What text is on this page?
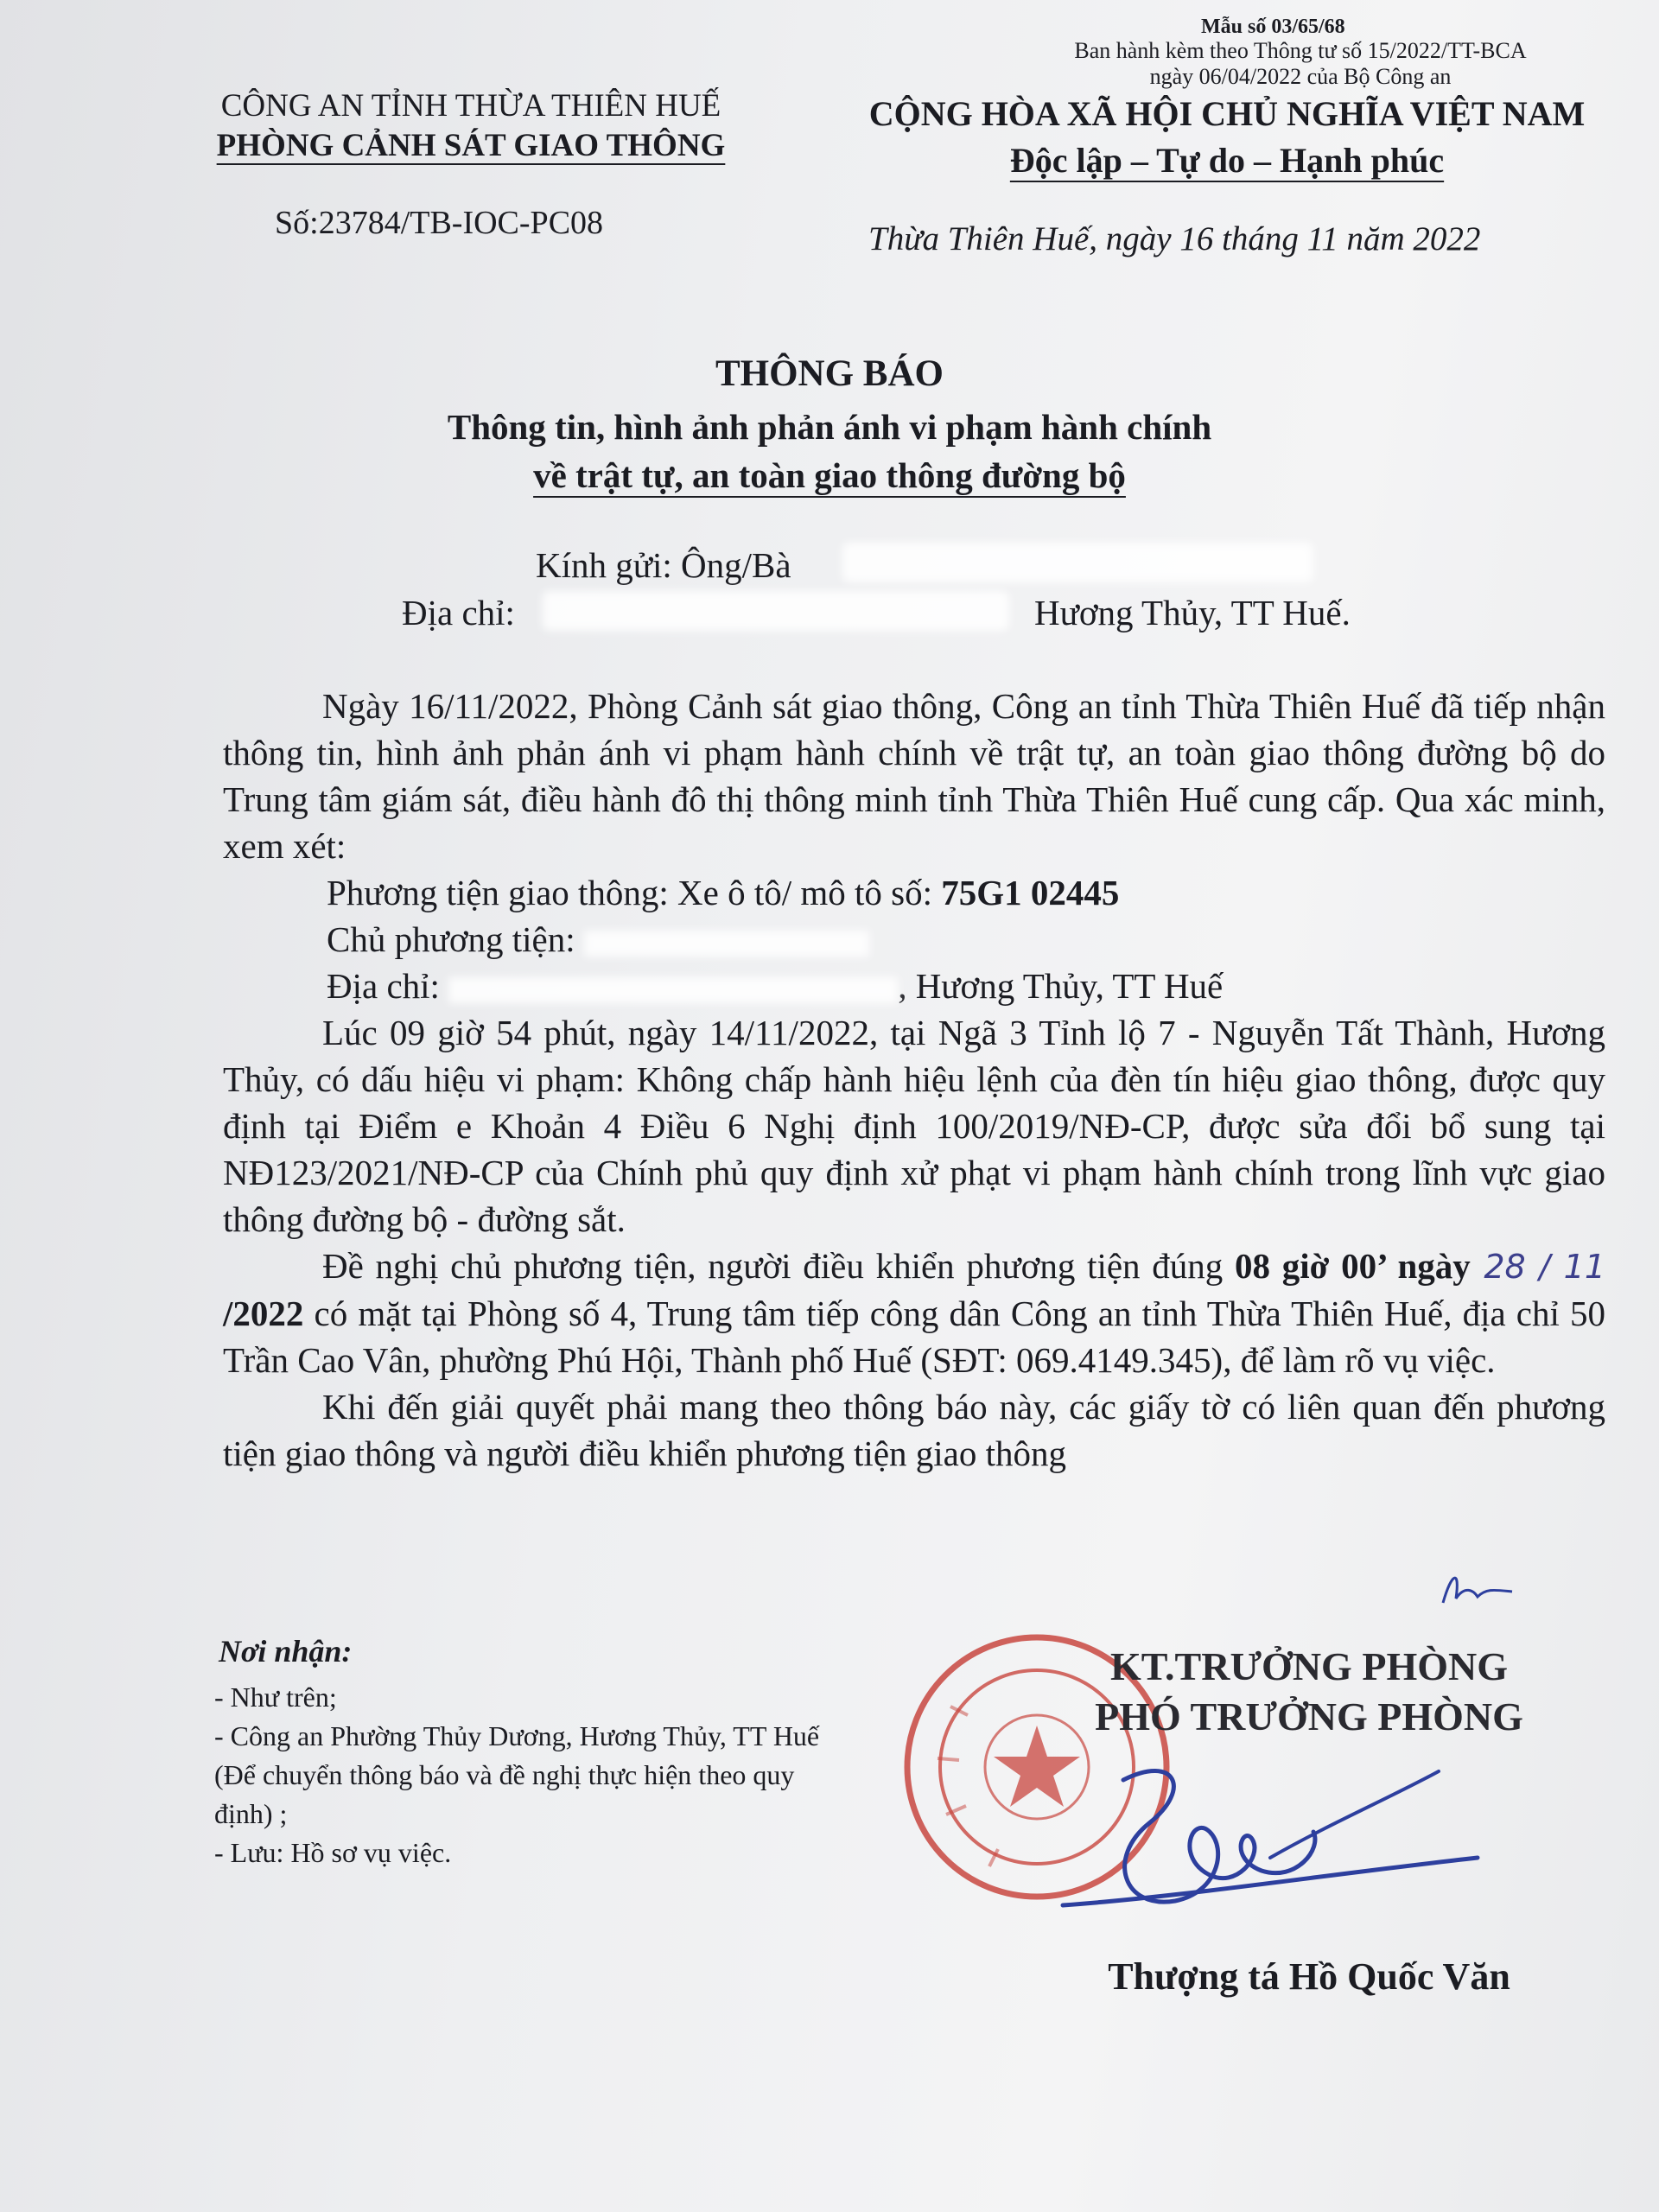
Mẫu số 03/65/68
Ban hành kèm theo Thông tư số 15/2022/TT-BCA
ngày 06/04/2022 của Bộ Công an
CÔNG AN TỈNH THỪA THIÊN HUẾ
PHÒNG CẢNH SÁT GIAO THÔNG
CỘNG HÒA XÃ HỘI CHỦ NGHĨA VIỆT NAM
Độc lập – Tự do – Hạnh phúc
Số:23784/TB-IOC-PC08	Thừa Thiên Huế, ngày 16 tháng 11 năm 2022
THÔNG BÁO
Thông tin, hình ảnh phản ánh vi phạm hành chính
về trật tự, an toàn giao thông đường bộ
Kính gửi: Ông/Bà
Địa chỉ:	Hương Thủy, TT Huế.

Ngày 16/11/2022, Phòng Cảnh sát giao thông, Công an tỉnh Thừa Thiên Huế đã tiếp nhận thông tin, hình ảnh phản ánh vi phạm hành chính về trật tự, an toàn giao thông đường bộ do Trung tâm giám sát, điều hành đô thị thông minh tỉnh Thừa Thiên Huế cung cấp. Qua xác minh, xem xét:

Phương tiện giao thông: Xe ô tô/ mô tô số: 75G1 02445

Chủ phương tiện:

Địa chỉ:	, Hương Thủy, TT Huế

Lúc 09 giờ 54 phút, ngày 14/11/2022, tại Ngã 3 Tỉnh lộ 7 - Nguyễn Tất Thành, Hương Thủy, có dấu hiệu vi phạm: Không chấp hành hiệu lệnh của đèn tín hiệu giao thông, được quy định tại Điểm e Khoản 4 Điều 6 Nghị định 100/2019/NĐ-CP, được sửa đổi bổ sung tại NĐ123/2021/NĐ-CP của Chính phủ quy định xử phạt vi phạm hành chính trong lĩnh vực giao thông đường bộ - đường sắt.

Đề nghị chủ phương tiện, người điều khiển phương tiện đúng 08 giờ 00’ ngày 28 / 11 /2022 có mặt tại Phòng số 4, Trung tâm tiếp công dân Công an tỉnh Thừa Thiên Huế, địa chỉ 50 Trần Cao Vân, phường Phú Hội, Thành phố Huế (SĐT: 069.4149.345), để làm rõ vụ việc.

Khi đến giải quyết phải mang theo thông báo này, các giấy tờ có liên quan đến phương tiện giao thông và người điều khiển phương tiện giao thông

Nơi nhận:
- Như trên;
- Công an Phường Thủy Dương, Hương Thủy, TT Huế (Để chuyển thông báo và đề nghị thực hiện theo quy định) ;
- Lưu: Hồ sơ vụ việc.
KT.TRƯỞNG PHÒNG
PHÓ TRƯỞNG PHÒNG
Thượng tá Hồ Quốc Văn
